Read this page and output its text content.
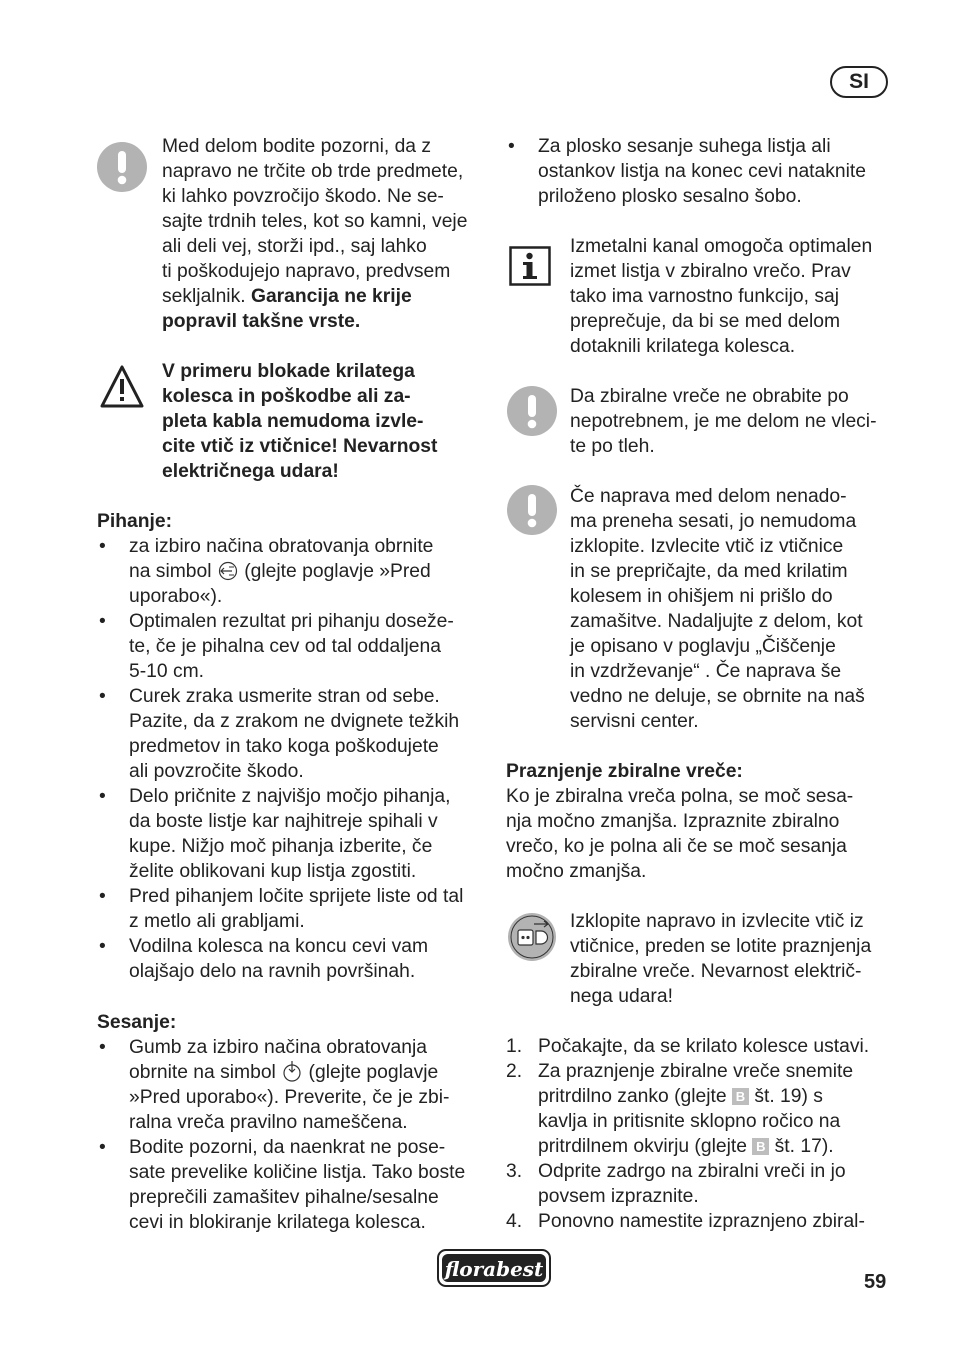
SI

Med delom bodite pozorni, da z

napravo ne trčite ob trde predmete,

ki lahko povzročijo škodo. Ne se-

sajte trdnih teles, kot so kamni, veje

ali deli vej, storži ipd., saj lahko

ti poškodujejo napravo, predvsem

sekljalnik. Garancija ne krije

popravil takšne vrste.

V primeru blokade krilatega

kolesca in poškodbe ali za-

pleta kabla nemudoma izvle-

cite vtič iz vtičnice! Nevarnost

električnega udara!

Pihanje:

• za izbiro načina obratovanja obrnite

na simbol  (glejte poglavje »Pred

uporabo«).

• Optimalen rezultat pri pihanju doseže-

te, če je pihalna cev od tal oddaljena

5-10 cm.

• Curek zraka usmerite stran od sebe.

Pazite, da z zrakom ne dvignete težkih

predmetov in tako koga poškodujete

ali povzročite škodo.

• Delo pričnite z najvišjo močjo pihanja,

da boste listje kar najhitreje spihali v

kupe. Nižjo moč pihanja izberite, če

želite oblikovani kup listja zgostiti.

• Pred pihanjem ločite sprijete liste od tal

z metlo ali grabljami.

• Vodilna kolesca na koncu cevi vam

olajšajo delo na ravnih površinah.

Sesanje:

• Gumb za izbiro načina obratovanja

obrnite na simbol  (glejte poglavje

»Pred uporabo«). Preverite, če je zbi-

ralna vreča pravilno nameščena.

• Bodite pozorni, da naenkrat ne pose-

sate prevelike količine listja. Tako boste

preprečili zamašitev pihalne/sesalne

cevi in blokiranje krilatega kolesca.

• Za plosko sesanje suhega listja ali

ostankov listja na konec cevi nataknite

priloženo plosko sesalno šobo.

Izmetalni kanal omogoča optimalen

izmet listja v zbiralno vrečo. Prav

tako ima varnostno funkcijo, saj

preprečuje, da bi se med delom

dotaknili krilatega kolesca.

Da zbiralne vreče ne obrabite po

nepotrebnem, je me delom ne vleci-

te po tleh.

Če naprava med delom nenado-

ma preneha sesati, jo nemudoma

izklopite. Izvlecite vtič iz vtičnice

in se prepričajte, da med krilatim

kolesem in ohišjem ni prišlo do

zamašitve. Nadaljujte z delom, kot

je opisano v poglavju „Čiščenje

in vzdrževanje“ . Če naprava še

vedno ne deluje, se obrnite na naš

servisni center.

Praznjenje zbiralne vreče:

Ko je zbiralna vreča polna, se moč sesa-

nja močno zmanjša. Izpraznite zbiralno

vrečo, ko je polna ali če se moč sesanja

močno zmanjša.

Izklopite napravo in izvlecite vtič iz

vtičnice, preden se lotite praznjenja

zbiralne vreče. Nevarnost električ-

nega udara!

1. Počakajte, da se krilato kolesce ustavi.

2. Za praznjenje zbiralne vreče snemite

pritrdilno zanko (glejte B št. 19) s

kavlja in pritisnite sklopno ročico na

pritrdilnem okvirju (glejte B št. 17).

3. Odprite zadrgo na zbiralni vreči in jo

povsem izpraznite.

4. Ponovno namestite izpraznjeno zbiral-

florabest
59
